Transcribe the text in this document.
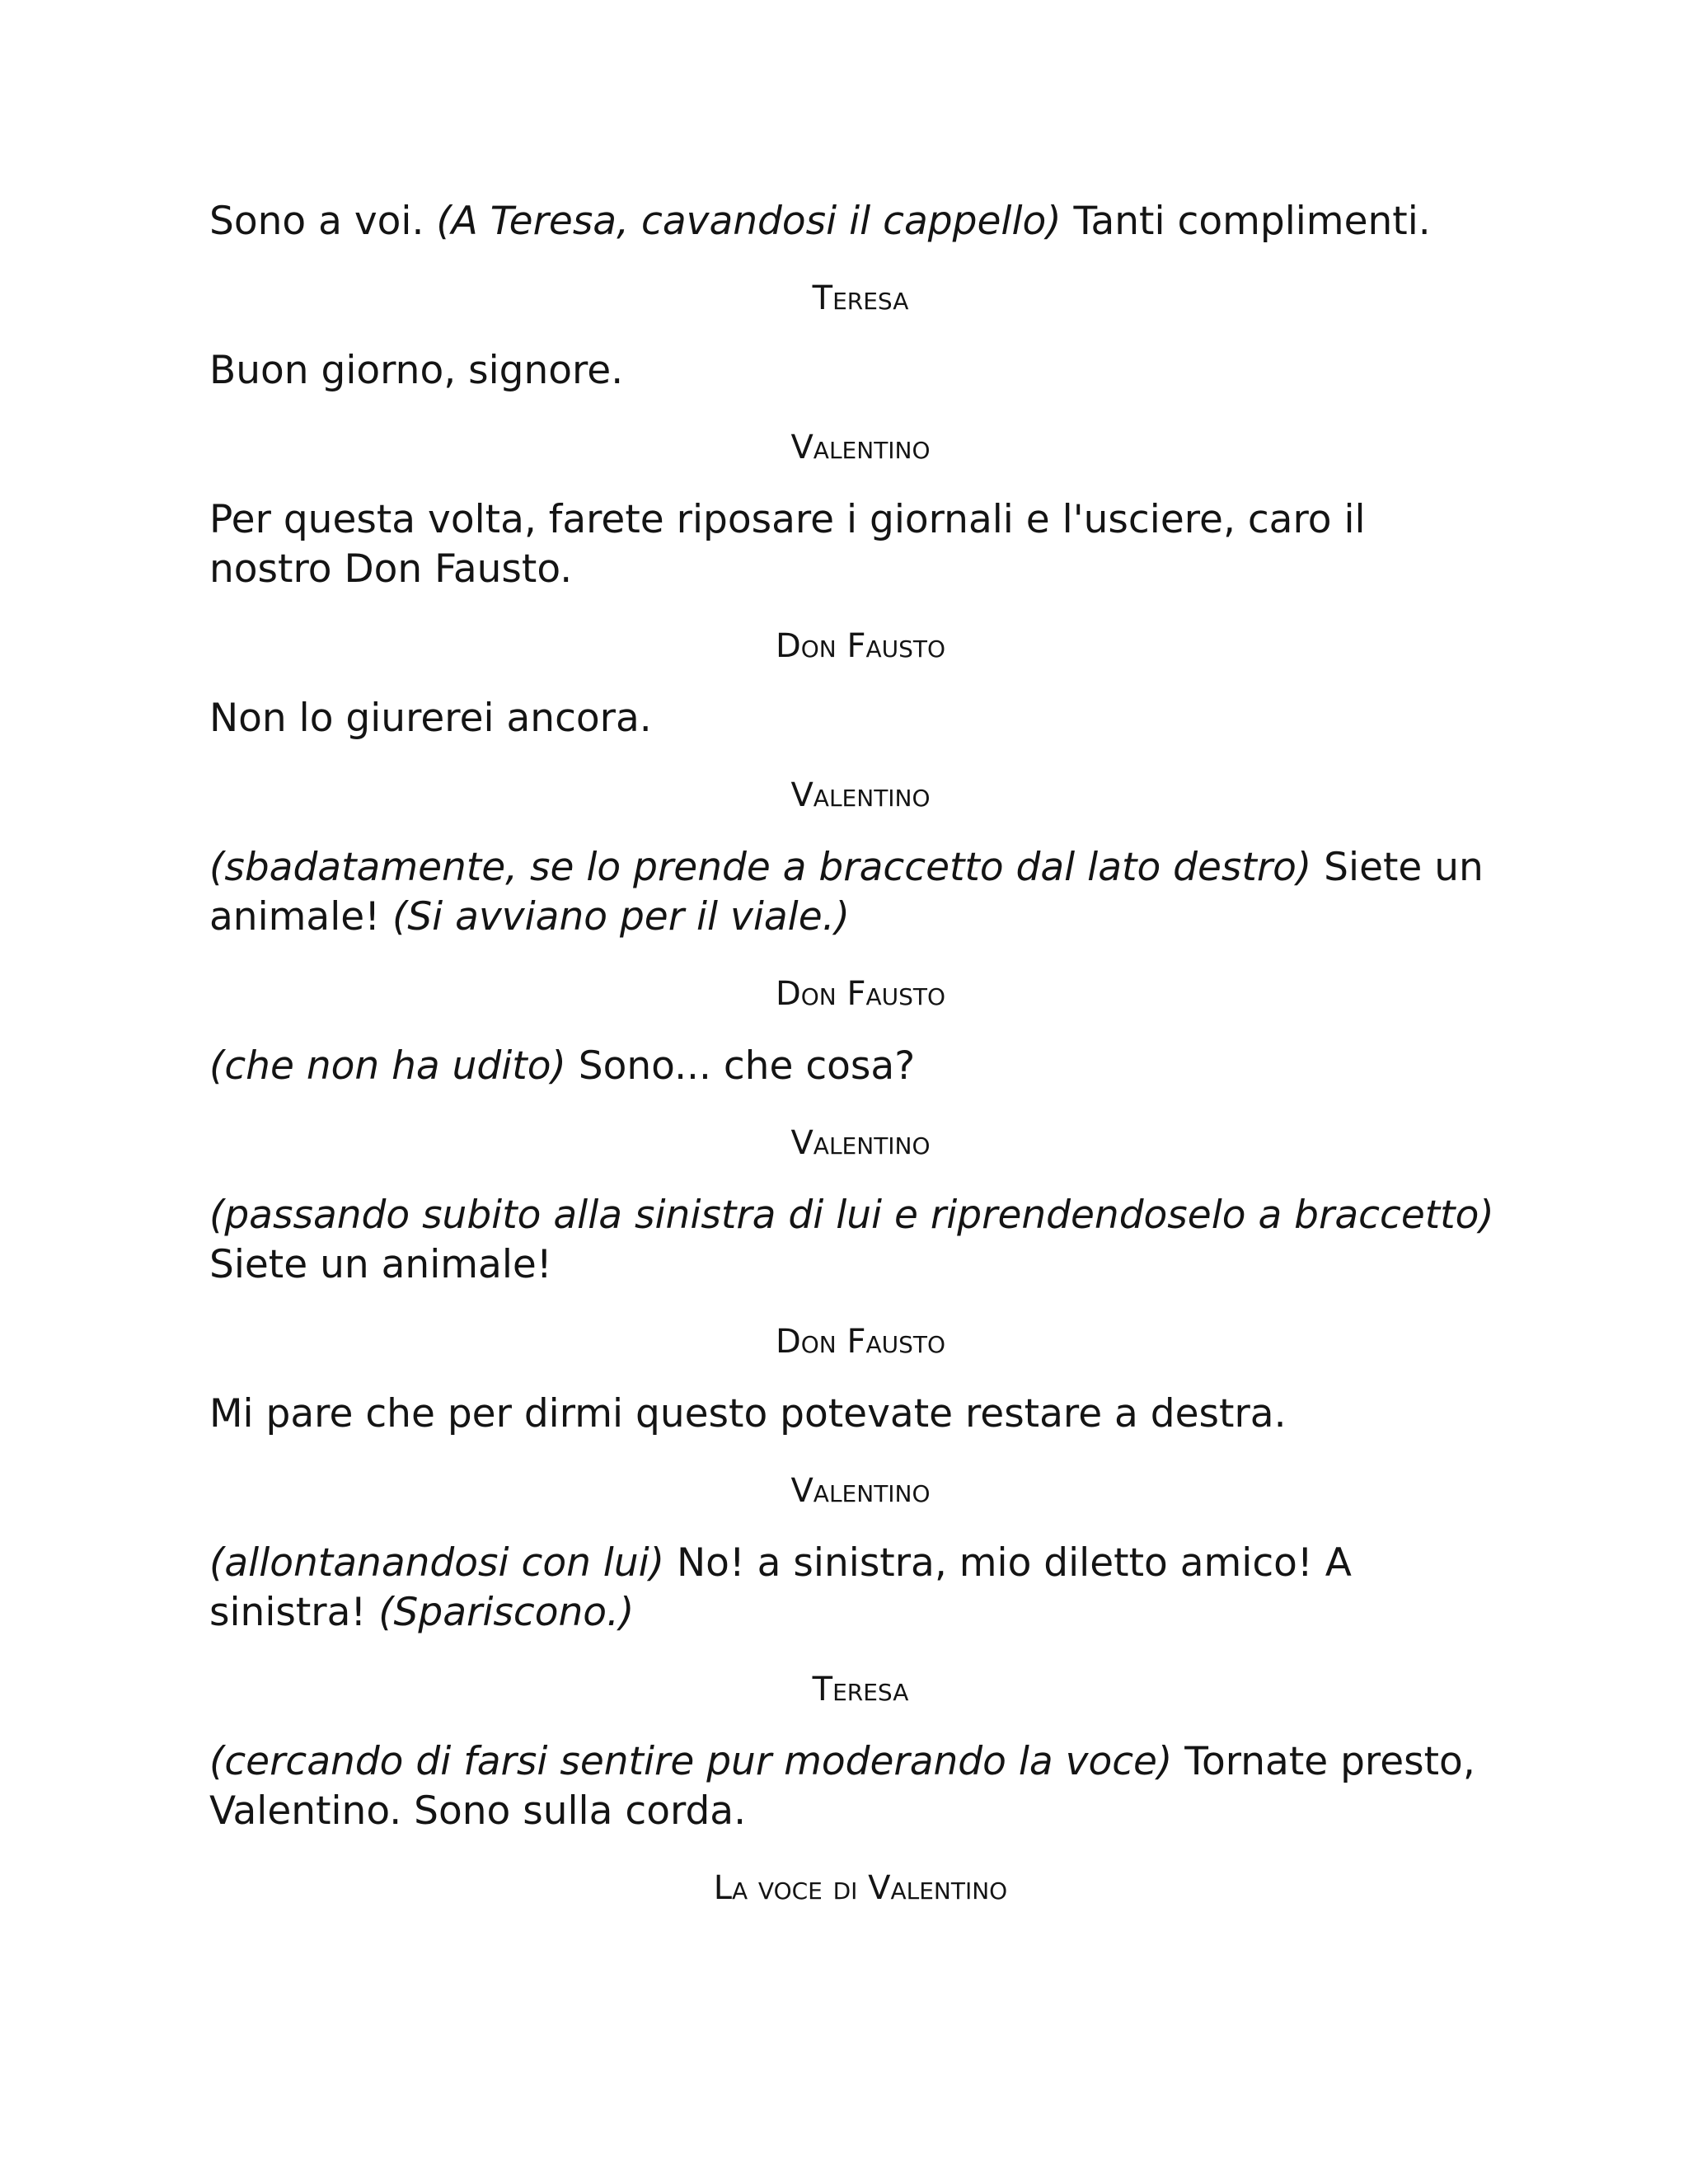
Sono a voi. (A Teresa, cavandosi il cappello) Tanti complimenti.

Teresa

Buon giorno, signore.

Valentino

Per questa volta, farete riposare i giornali e l'usciere, caro il nostro Don Fausto.

Don Fausto

Non lo giurerei ancora.

Valentino

(sbadatamente, se lo prende a braccetto dal lato destro) Siete un animale! (Si avviano per il viale.)

Don Fausto

(che non ha udito) Sono... che cosa?

Valentino

(passando subito alla sinistra di lui e riprendendoselo a braccetto) Siete un animale!

Don Fausto

Mi pare che per dirmi questo potevate restare a destra.

Valentino

(allontanandosi con lui) No! a sinistra, mio diletto amico! A sinistra! (Spariscono.)

Teresa

(cercando di farsi sentire pur moderando la voce) Tornate presto, Valentino. Sono sulla corda.

La voce di Valentino
